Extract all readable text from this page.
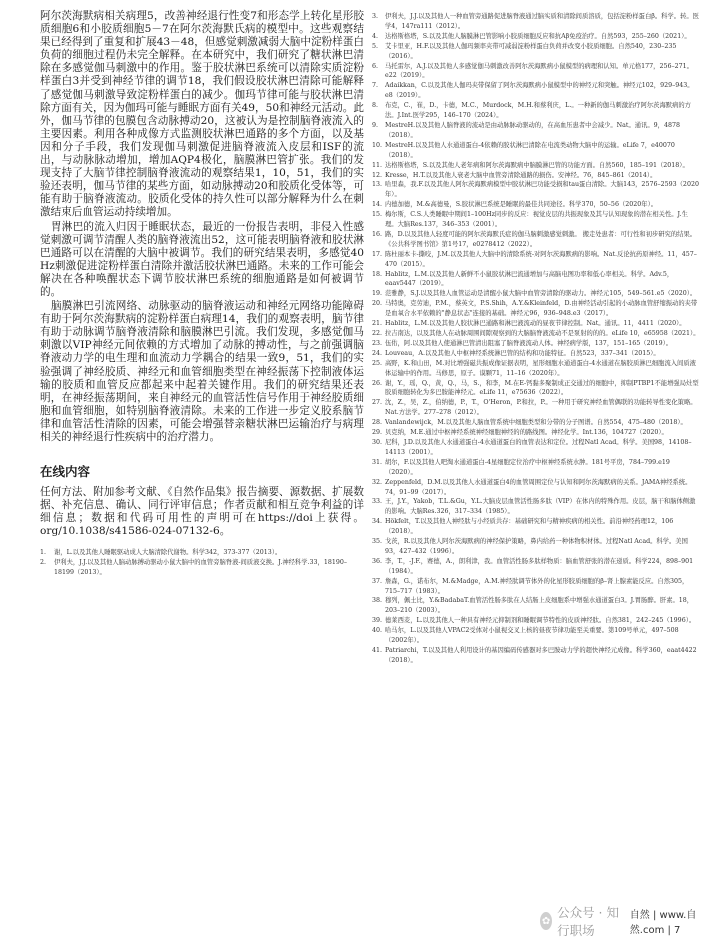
阿尔茨海默病相关病理5，改善神经退行性变7和形态学上转化星形胶质细胞6和小胶质细胞5－7在阿尔茨海默氏病的模型中。这些观察结果已经得到了重复和扩展43－48，但感觉刺激减弱大脑中淀粉样蛋白负荷的细胞过程仍未完全解释。在本研究中，我们研究了糖状淋巴清除在多感觉伽马刺激中的作用。鉴于胶状淋巴系统可以清除实质淀粉样蛋白3并受到神经节律的调节18，我们假设胶状淋巴清除可能解释了感觉伽马刺激导致淀粉样蛋白的减少。伽玛节律可能与胶状淋巴清除方面有关，因为伽玛可能与睡眠方面有关49，50和神经元活动。此外，伽马节律的包膜包含动脉搏动20，这被认为是控制脑脊液流入的主要因素。利用各种成像方式监测胶状淋巴通路的多个方面，以及基因和分子手段，我们发现伽马刺激促进脑脊液流入皮层和ISF的流出，与动脉脉动增加，增加AQP4极化，脑膜淋巴管扩张。我们的发现支持了大脑节律控制脑脊液流动的观察结果1，10，51，我们的实验还表明，伽马节律的某些方面，如动脉搏动20和胶质化受体等，可能有助于脑脊液流动。胶质化受体的持久性可以部分解释为什么在刺激结束后血管运动持续增加。

胃淋巴的流入归因于睡眠状态，最近的一份报告表明，非侵入性感觉刺激可调节清醒人类的脑脊液流出52，这可能表明脑脊液和胶状淋巴通路可以在清醒的大脑中被调节。我们的研究结果表明，多感觉40 Hz刺激促进淀粉样蛋白清除并激活胶状淋巴通路。未来的工作可能会解决在各种唤醒状态下调节胶状淋巴系统的细胞通路是如何被调节的。

脑膜淋巴引流网络、动脉驱动的脑脊液运动和神经元网络功能障碍有助于阿尔茨海默病的淀粉样蛋白病理14，我们的观察表明，脑节律有助于动脉调节脑脊液清除和脑膜淋巴引流。我们发现，多感觉伽马刺激以VIP神经元间依赖的方式增加了动脉的搏动性，与之前强调脑脊液动力学的电生理和血流动力学耦合的结果一致9，51，我们的实验强调了神经胶质、神经元和血管细胞类型在神经振荡下控制液体运输的胶质和血管反应都起来中起着关键作用。我们的研究结果还表明，在神经振荡期间，来自神经元的血管活性信号作用于神经胶质细胞和血管细胞，如特别脑脊液清除。未来的工作进一步定义胶系脑节律和血管活性清除的因素，可能会增强替亲糖状淋巴运输治疗与病理相关的神经退行性疾病中的治疗潜力。

在线内容

任何方法、附加参考文献、《自然作品集》报告摘要、源数据、扩展数据、补充信息、确认、同行评审信息；作者贡献和相互竞争利益的详细信息；数据和代码可用性的声明可在https://doi上获得。org/10.1038/s41586-024-07132-6。

1. 谢，L.以及其他人睡眠驱动成人大脑清除代谢物。科学342，373-377（2013）。
2. 伊利夫，J.J.以及其他人脑动脉搏动驱动小鼠大脑中的血管旁脑脊液-间质液交换。J.神经科学.33，18190–18199（2013）。
3. 伊利夫，J.J.以及其他人一种血管旁通路促进脑脊液通过脑实质和清除间质溶质，包括淀粉样蛋白β。科学。转。医学4，147ra111（2012）。
4. 达格斯格塔，S.以及其他人脑膜淋巴管影响小胶质细胞反应和抗Aβ免疫治疗。自然593，255–260（2021）。
5. 艾卡里亚，H.F.以及其他人伽玛频率夹带可减弱淀粉样蛋白负荷并改变小胶质细胞。自然540，230–235（2016）。
6. 马托雷尔，A.J.以及其他人多感觉伽马刺激改善阿尔茨海默病小鼠模型的病理和认知。单元格177，256–271。e22（2019）。
7. Adaikkan，C.以及其他人伽玛夹带保留了阿尔茨海默病小鼠模型中的神经元和突触。神经元102，929–943。e8（2019）。
8. 布克，C.，崔，D.，卡德，M.C.，Murdock，M.H.和蔡利庆，L.。一种新的伽马刺激治疗阿尔茨海默病的方法。J.Int.医学295，146–170（2024）。
9. MestreH.以及其他人脑脊液的流动是由动脉脉动驱动的，在高血压患者中会减少。Nat。通讯。9，4878（2018）。
10. MestreH.以及其他人水通道蛋白-4依赖的胶状淋巴清除在电流类动物大脑中的运输。eLife 7，e40070（2018）。
11. 达格斯格塔，S.以及其他人老年病和阿尔茨海默病中脑膜淋巴管的功能方面。自然560，185–191（2018）。
12. Kresse，H.T.以及其他人衰老大脑中血管旁清除通路的损伤。安神经。76，845–861（2014）。
13. 哈里森，我.F.以及其他人阿尔茨海默病模型中胶状淋巴功能受损和tau蛋白清除。大脑143，2576–2593（2020年）。
14. 内德加德，M.&高德曼，S.胶状淋巴系统是睡眠的最佳共同途径。科学370，50–56（2020年）。
15. 梅尔斯，C.S.人类睡眠中期间1–100Hz同步的反应：视觉皮层的共振现象及其与认知现象的潜在相关性。J.生理。大脑Res.137，346–353（2001）。
16. 路，D.以及其他人轻度可能的阿尔茨海默氏症的伽马脑刺激感觉刺激。 搬走处患者：可行性和初步研究的结果。《公共科学图书馆》第1号17，e0278412（2022）。
17. 陈杜丽本卡-撕咬，J.M.以及其他人大脑中的清除系统-对阿尔茨海默病的影响。Nat.反论抗药原神经。11，457–470（2015）。
18. Hablitz，L.M.以及其他人新鲜不小鼠胶状淋巴流通增加与高脑电图功率和低心率相关。科学。Adv.5，eaav5447（2019）。
19. 范雅静，S.J.以及其他人血管运动是清醒小鼠大脑中血管旁清除的驱动力。神经元105，549–561.e5（2020）。
20. 马特奥，克劳迪，P.M.，蔡英文，P.S.Shih，A.Y.&Kleinfeld，D.由神经活动引起的小动脉血管舒缩振动的夹带是血氧合水平依赖的"静息状态"连接的基础。神经元96，936–948.e3（2017）。
21. Hablitz，L.M.以及其他人胶状淋巴通路和淋巴液流动的昼夜节律控制。Nat。通讯。11，4411（2020）。
22. 拉吉南达，以及其他人在动脉周围间隙观察到的大脑脑脊液流动不是泵射的的的。eLife 10，e65958（2021）。
23. 伍佑，阿.以及其他人使通淋巴管清出阻塞了脑脊液流动人体。神经病学版，137，151–165（2019）。
24. Louveau，A.以及其他人中枢神经系统淋巴管的结构和功能特征。自然523，337–341（2015）。
25. 高野，K.和山田，M.对比增强磁共振成像证据表明，星形细胞水通道蛋白-4水通道在脑胶质淋巴细胞流入间质液体运输中的作用。马修思，原子。谟颗71，11–16（2020年）。
26. 谢，Y.，瑶，Q.，黄，Q.，马，S.，和李，M.在E-钙黏多聚制成正交通过的细胞中，抑制PTBP1不能增强局灶型胶质细胞转化为多巴胺能神经元。eLife 11，e75636（2022）。
27. 沈，Z.，吴，Z.，伯纳德，P.，T.，O'Heron，P.和拉，P.。一种用于研究神经血管偶联的功能转导性变化策略。Nat.方法学。277–278（2012）。
28. Vanlandewijck，M.以及其他人脑血管系统中细胞类型和分带的分子图谱。自然554，475–480（2018）。
29. 贝克纳，M.E.通过中枢神经系统神经细胞神经的的路线图。神经化学。Int.136，104727（2020）。
30. 尼科，J.D.以及其他人水通道蛋白-4水通道蛋白的血管表达和定位。过程Natl Acad。科学。美国98，14108–14113（2001）。
31. 胡尔，F.以及其他人吧淘水通道蛋白-4星细胞定位治疗中枢神经系统水肿。181号平房，784–799.e19（2020）。
32. Zeppenfeld，D.M.以及其他人水通道蛋白4的血管周围定位与认知和阿尔茨海默病的关系。JAMA神经系统。74，91–99（2017）。
33. 王，J.Y.，Yakob，T.L.&Gu，Y.L.大脑皮层血管活性肠多肽（VIP）在体内的特殊作用。皮层，脑干和脑体侧激的影响。大脑Res.326，317–334（1985）。
34. Hökfelt，T.以及其他人神经肽与小经质共存：基础研究和与精神疾病的相关性。前沿神经药理12，106（2018）。
35. 戈茨，R.以及其他人阿尔茨海默病的神经保护策略，鼻内给药一种体物积材体。过程Natl Acad。科学。美国93，427–432（1996）。
36. 李，T.，-J.F.，赛德，A.，朗利津，我。血管活性肠多肽样物质：脑血管舒张的潜在递质。科学224，898–901（1984）。
37. 詹森，G.，诺布尔，M.&Madge，A.M.神经肽调节体外的化星形胶质细胞的β–肾上腺素能反应。自然305，715–717（1983）。
38. 穆列，佩土比，Y.&BadabaT.血管活性肠多肽在人结肠上皮细胞系中增强水通道蛋白3。J.胃肠醉。肝素。18，203–210（2003）。
39. 德莱西麦，L.以及其他人一种具有神经元抑制剂和睡眠调节特性的皮质神经肽。自然381，242–245（1996）。
40. 哈马尔，L.以及其他人VPAC2受体对小鼠视交叉上核的昼夜节律功能至关重要。第109号单元，497–508（2002年）。
41. Patriarchi，T.以及其他人利用设计的基因编码传感器对多巴胺动力学的超快神经元成像。科学360，eaat4422（2018）。
✿
公众号 · 知行职场
自然 | www.自然.com | 7
